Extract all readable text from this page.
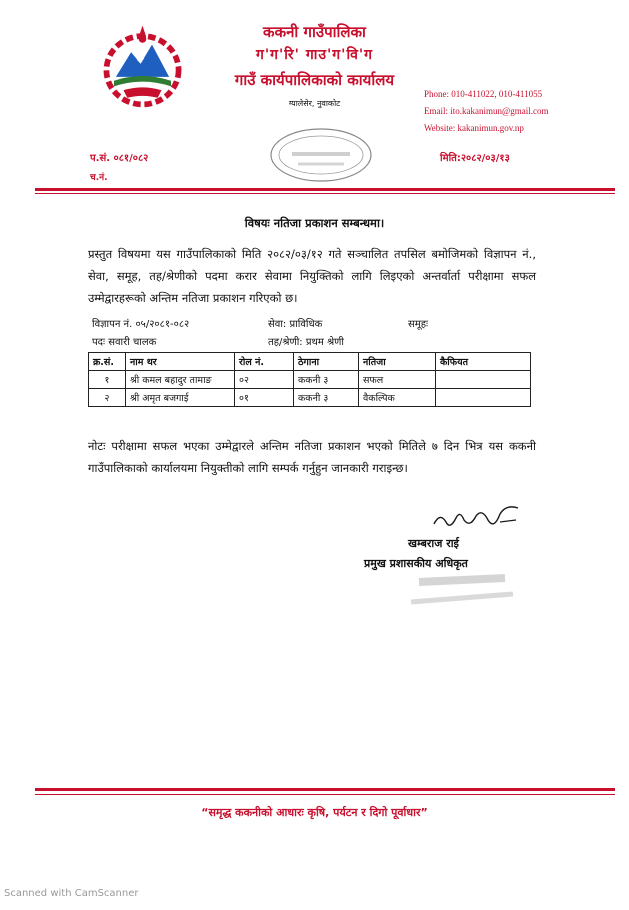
ककनी गाउँपालिका
ग'ग'रि' गाउ'ग'वि'ग
गाउँ कार्यपालिकाको कार्यालय
ग्यालेसेर, नुवाकोट
Phone: 010-411022, 010-411055
Email: ito.kakanimun@gmail.com
Website: kakanimun.gov.np
प.सं. ०८१/०८२
च.नं.
मिति:२०८२/०३/१३
विषयः नतिजा प्रकाशन सम्बन्धमा।
प्रस्तुत विषयमा यस गाउँपालिकाको मिति २०८२/०३/१२ गते सञ्चालित तपसिल बमोजिमको विज्ञापन नं., सेवा, समूह, तह/श्रेणीको पदमा करार सेवामा नियुक्तिको लागि लिइएको अन्तर्वार्ता परीक्षामा सफल उम्मेद्वारहरूको अन्तिम नतिजा प्रकाशन गरिएको छ।
विज्ञापन नं. ०५/२०८१-०८२	सेवा: प्राविधिक	समूहः
पदः सवारी चालक	तह/श्रेणी: प्रथम श्रेणी
क्र.सं.	नाम थर	रोल नं.	ठेगाना	नतिजा	कैफियत
१	श्री कमल बहादुर तामाङ	०२	ककनी ३	सफल	
२	श्री अमृत बजगाई	०१	ककनी ३	वैकल्पिक	
नोटः परीक्षामा सफल भएका उम्मेद्वारले अन्तिम नतिजा प्रकाशन भएको मितिले ७ दिन भित्र यस ककनी गाउँपालिकाको कार्यालयमा नियुक्तीको लागि सम्पर्क गर्नुहुन जानकारी गराइन्छ।
खम्बराज राई
प्रमुख प्रशासकीय अधिकृत
“समृद्ध ककनीको आधारः कृषि, पर्यटन र दिगो पूर्वाधार”
Scanned with CamScanner
